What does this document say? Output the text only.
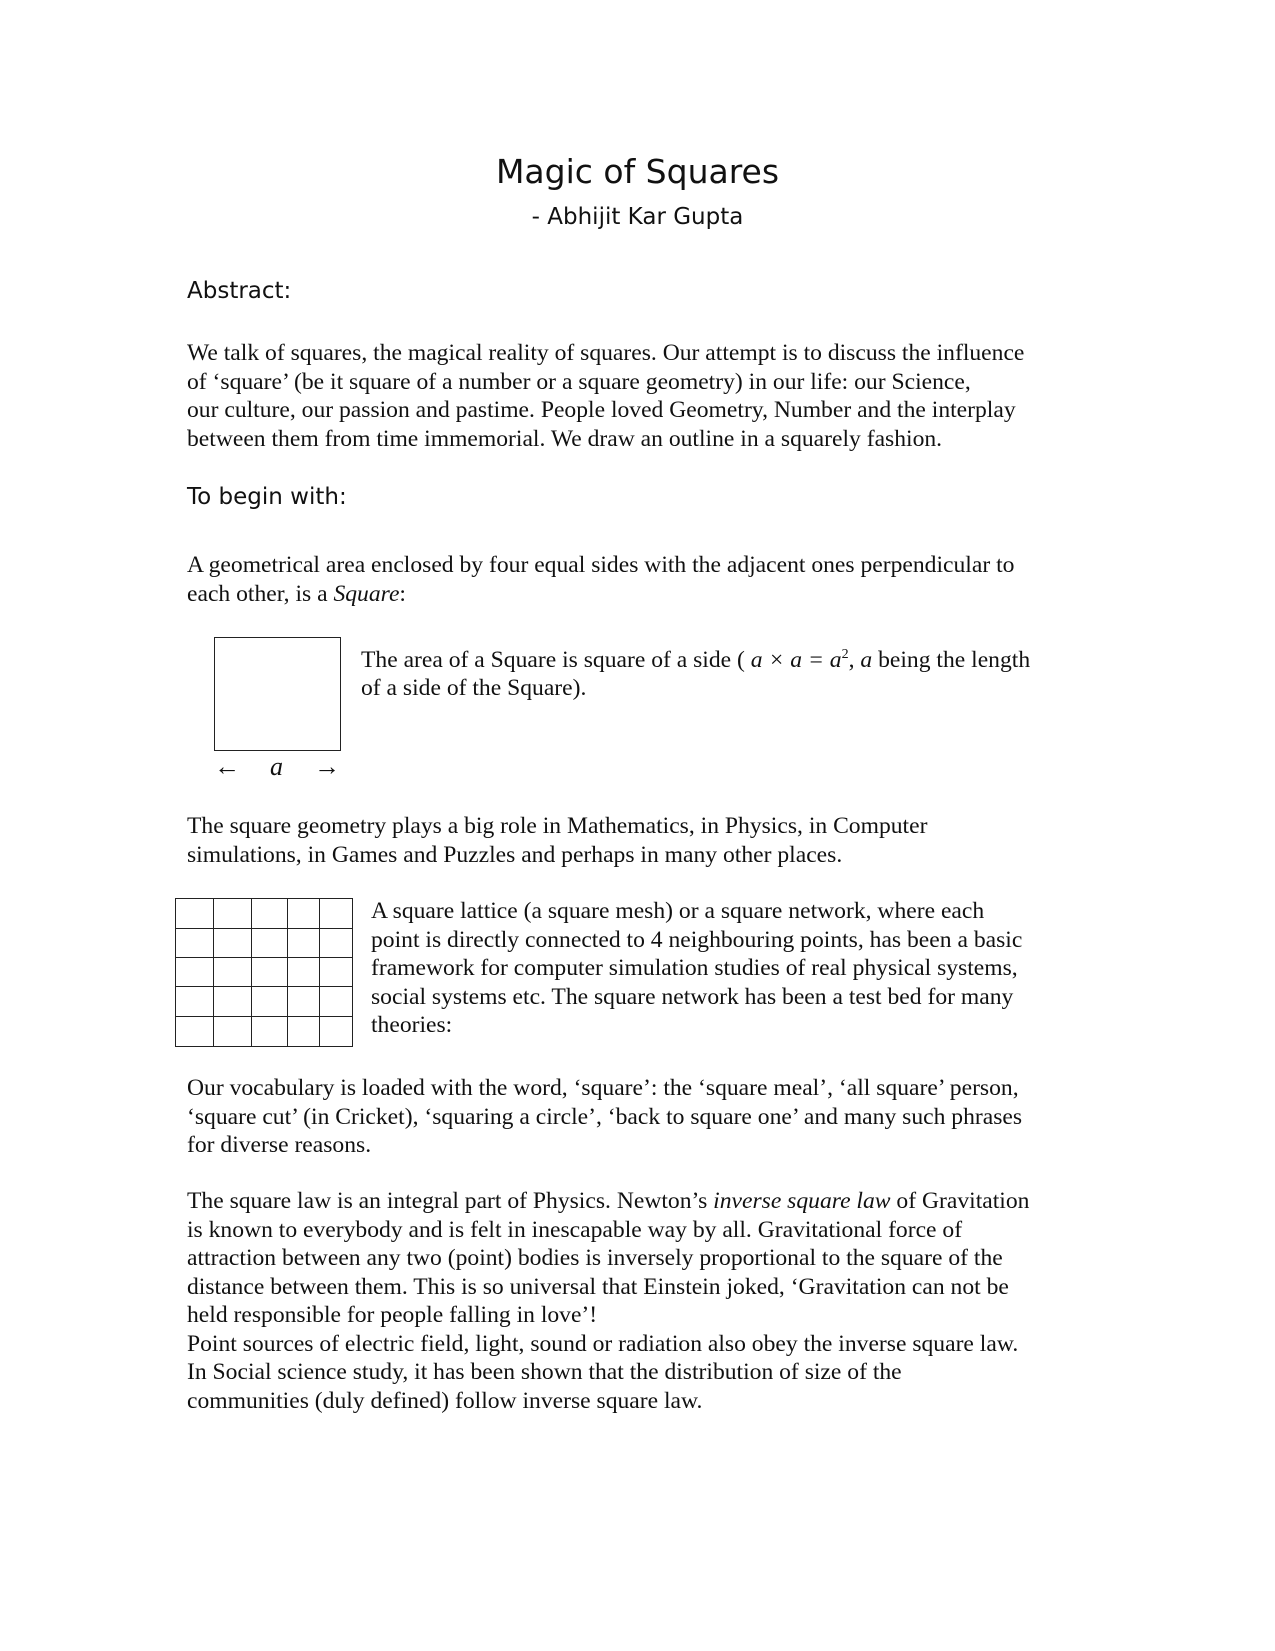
Magic of Squares
- Abhijit Kar Gupta
Abstract:
We talk of squares, the magical reality of squares. Our attempt is to discuss the influence
of ‘square’ (be it square of a number or a square geometry) in our life: our Science,
our culture, our passion and pastime. People loved Geometry, Number and the interplay
between them from time immemorial. We draw an outline in a squarely fashion.
To begin with:
A geometrical area enclosed by four equal sides with the adjacent ones perpendicular to
each other, is a Square:
← a →
The area of a Square is square of a side ( $a \times a = a^2$, a being the length
of a side of the Square).
The square geometry plays a big role in Mathematics, in Physics, in Computer
simulations, in Games and Puzzles and perhaps in many other places.
A square lattice (a square mesh) or a square network, where each
point is directly connected to 4 neighbouring points, has been a basic
framework for computer simulation studies of real physical systems,
social systems etc. The square network has been a test bed for many
theories:
Our vocabulary is loaded with the word, ‘square’: the ‘square meal’, ‘all square’ person,
‘square cut’ (in Cricket), ‘squaring a circle’, ‘back to square one’ and many such phrases
for diverse reasons.
The square law is an integral part of Physics. Newton’s inverse square law of Gravitation
is known to everybody and is felt in inescapable way by all. Gravitational force of
attraction between any two (point) bodies is inversely proportional to the square of the
distance between them. This is so universal that Einstein joked, ‘Gravitation can not be
held responsible for people falling in love’!
Point sources of electric field, light, sound or radiation also obey the inverse square law.
In Social science study, it has been shown that the distribution of size of the
communities (duly defined) follow inverse square law.
